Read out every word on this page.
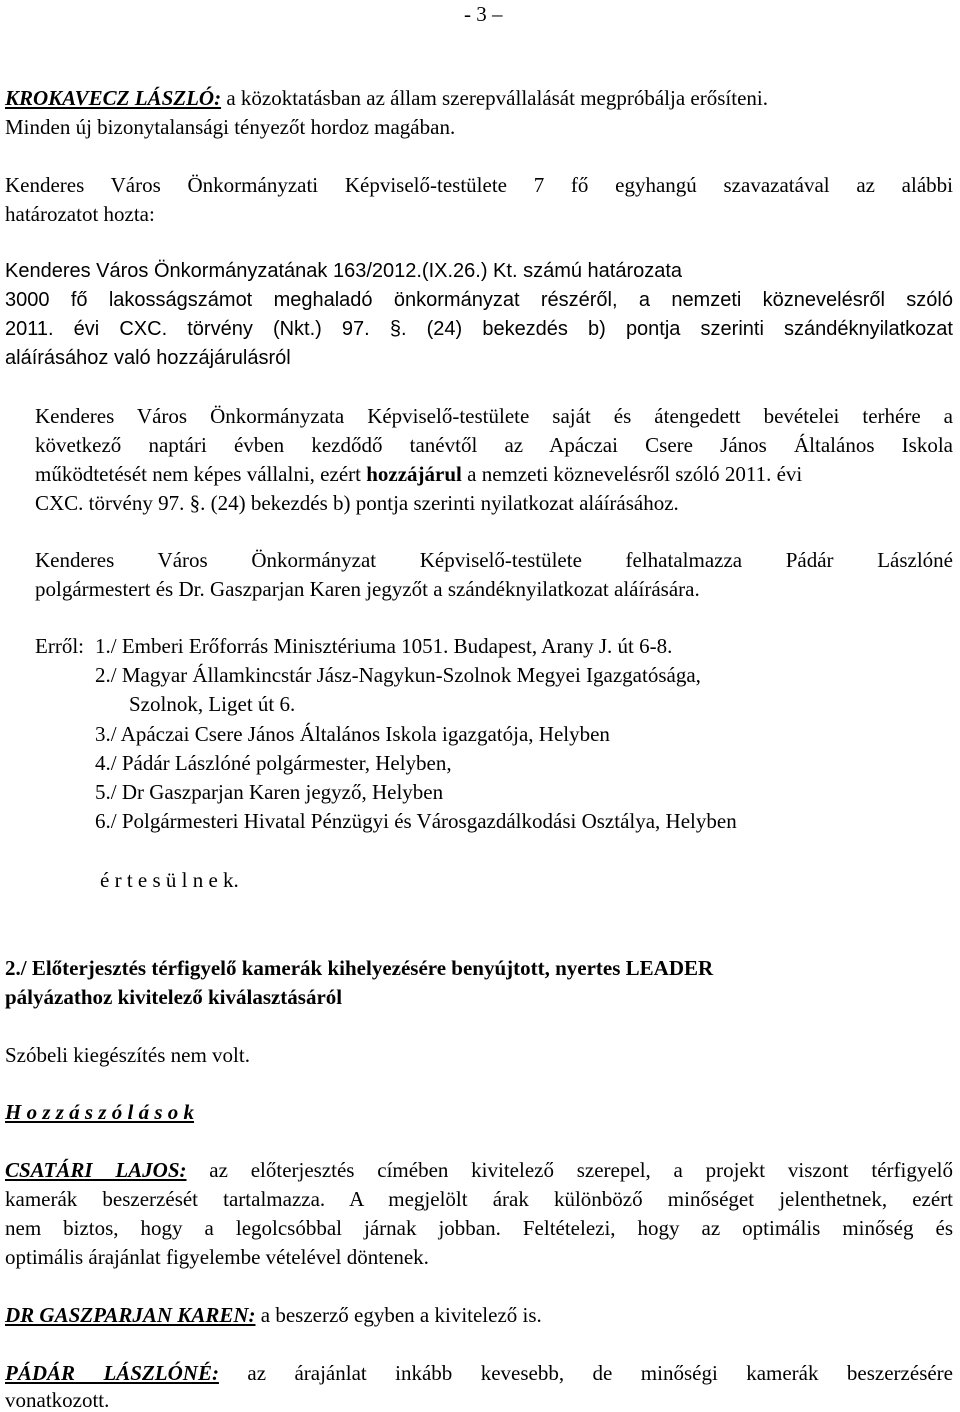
- 3 –
KROKAVECZ LÁSZLÓ: a közoktatásban az állam szerepvállalását megpróbálja erősíteni.
Minden új bizonytalansági tényezőt hordoz magában.
Kenderes Város Önkormányzati Képviselő-testülete 7 fő egyhangú szavazatával az alábbi
határozatot hozta:
Kenderes Város Önkormányzatának 163/2012.(IX.26.) Kt. számú határozata
3000 fő lakosságszámot meghaladó önkormányzat részéről, a nemzeti köznevelésről szóló
2011. évi CXC. törvény (Nkt.) 97. §. (24) bekezdés b) pontja szerinti szándéknyilatkozat
aláírásához való hozzájárulásról
Kenderes Város Önkormányzata Képviselő-testülete saját és átengedett bevételei terhére a
következő naptári évben kezdődő tanévtől az Apáczai Csere János Általános Iskola
működtetését nem képes vállalni, ezért hozzájárul a nemzeti köznevelésről szóló 2011. évi
CXC. törvény 97. §. (24) bekezdés b) pontja szerinti nyilatkozat aláírásához.
Kenderes Város Önkormányzat Képviselő-testülete felhatalmazza Pádár Lászlóné
polgármestert és Dr. Gaszparjan Karen jegyzőt a szándéknyilatkozat aláírására.
Erről: 1./ Emberi Erőforrás Minisztériuma 1051. Budapest, Arany J. út 6-8.
2./ Magyar Államkincstár Jász-Nagykun-Szolnok Megyei Igazgatósága,
Szolnok, Liget út 6.
3./ Apáczai Csere János Általános Iskola igazgatója, Helyben
4./ Pádár Lászlóné polgármester, Helyben,
5./ Dr Gaszparjan Karen jegyző, Helyben
6./ Polgármesteri Hivatal Pénzügyi és Városgazdálkodási Osztálya, Helyben
é r t e s ü l n e k.
2./ Előterjesztés térfigyelő kamerák kihelyezésére benyújtott, nyertes LEADER
pályázathoz kivitelező kiválasztásáról
Szóbeli kiegészítés nem volt.
H o z z á s z ó l á s o k
CSATÁRI LAJOS: az előterjesztés címében kivitelező szerepel, a projekt viszont térfigyelő
kamerák beszerzését tartalmazza. A megjelölt árak különböző minőséget jelenthetnek, ezért
nem biztos, hogy a legolcsóbbal járnak jobban. Feltételezi, hogy az optimális minőség és
optimális árajánlat figyelembe vételével döntenek.
DR GASZPARJAN KAREN: a beszerző egyben a kivitelező is.
PÁDÁR LÁSZLÓNÉ: az árajánlat inkább kevesebb, de minőségi kamerák beszerzésére
vonatkozott.
